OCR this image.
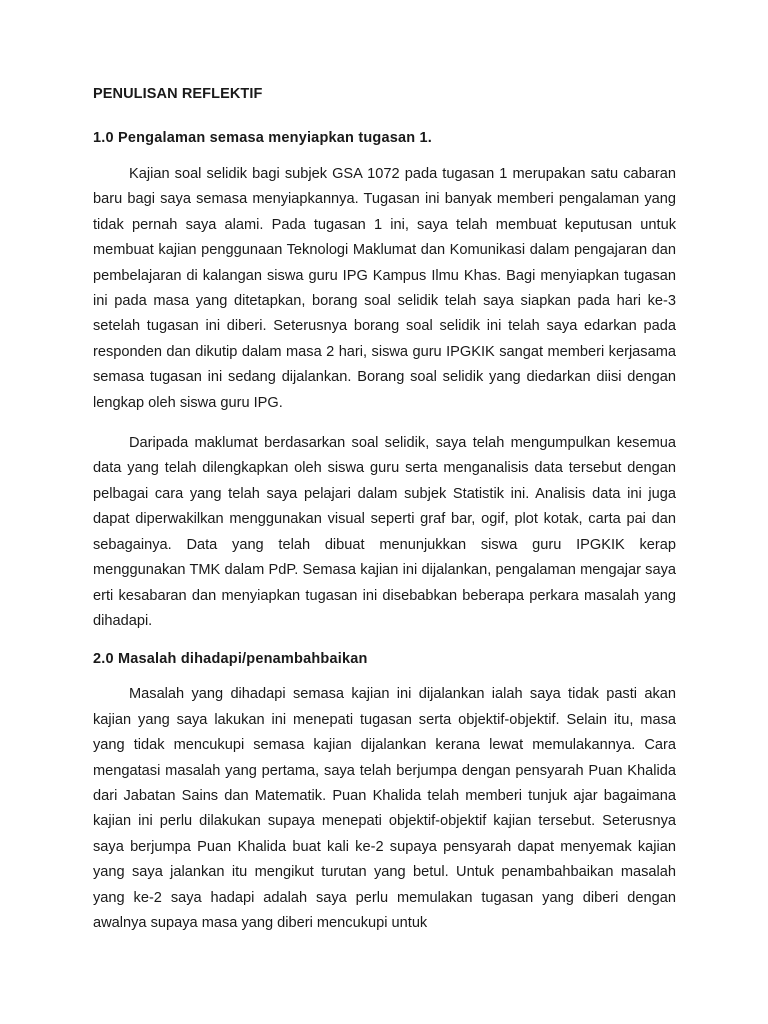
PENULISAN REFLEKTIF
1.0 Pengalaman semasa menyiapkan tugasan 1.

Kajian soal selidik bagi subjek GSA 1072 pada tugasan 1 merupakan satu cabaran baru bagi saya semasa menyiapkannya. Tugasan ini banyak memberi pengalaman yang tidak pernah saya alami. Pada tugasan 1 ini, saya telah membuat keputusan untuk membuat kajian penggunaan Teknologi Maklumat dan Komunikasi dalam pengajaran dan pembelajaran di kalangan siswa guru IPG Kampus Ilmu Khas. Bagi menyiapkan tugasan ini pada masa yang ditetapkan, borang soal selidik telah saya siapkan pada hari ke-3 setelah tugasan ini diberi. Seterusnya borang soal selidik ini telah saya edarkan pada responden dan dikutip dalam masa 2 hari, siswa guru IPGKIK sangat memberi kerjasama semasa tugasan ini sedang dijalankan. Borang soal selidik yang diedarkan diisi dengan lengkap oleh siswa guru IPG.

Daripada maklumat berdasarkan soal selidik, saya telah mengumpulkan kesemua data yang telah dilengkapkan oleh siswa guru serta menganalisis data tersebut dengan pelbagai cara yang telah saya pelajari dalam subjek Statistik ini. Analisis data ini juga dapat diperwakilkan menggunakan visual seperti graf bar, ogif, plot kotak, carta pai dan sebagainya. Data yang telah dibuat menunjukkan siswa guru IPGKIK kerap menggunakan TMK dalam PdP. Semasa kajian ini dijalankan, pengalaman mengajar saya erti kesabaran dan menyiapkan tugasan ini disebabkan beberapa perkara masalah yang dihadapi.

2.0 Masalah dihadapi/penambahbaikan

Masalah yang dihadapi semasa kajian ini dijalankan ialah saya tidak pasti akan kajian yang saya lakukan ini menepati tugasan serta objektif-objektif. Selain itu, masa yang tidak mencukupi semasa kajian dijalankan kerana lewat memulakannya. Cara mengatasi masalah yang pertama, saya telah berjumpa dengan pensyarah Puan Khalida dari Jabatan Sains dan Matematik. Puan Khalida telah memberi tunjuk ajar bagaimana kajian ini perlu dilakukan supaya menepati objektif-objektif kajian tersebut. Seterusnya saya berjumpa Puan Khalida buat kali ke-2 supaya pensyarah dapat menyemak kajian yang saya jalankan itu mengikut turutan yang betul. Untuk penambahbaikan masalah yang ke-2 saya hadapi adalah saya perlu memulakan tugasan yang diberi dengan awalnya supaya masa yang diberi mencukupi untuk
